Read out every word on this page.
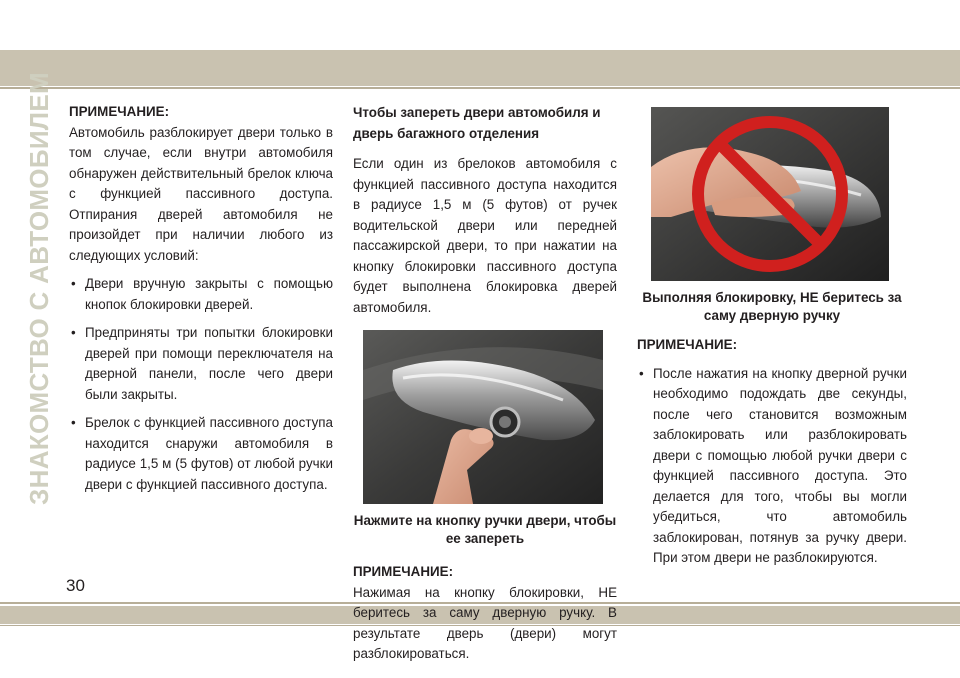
ЗНАКОМСТВО С АВТОМОБИЛЕМ
30

ПРИМЕЧАНИЕ:

Автомобиль разблокирует двери только в том случае, если внутри автомобиля обнаружен действительный брелок ключа с функцией пассивного доступа. Отпирания дверей автомобиля не произойдет при наличии любого из следующих условий:

• Двери вручную закрыты с помощью кнопок блокировки дверей.
• Предприняты три попытки блокировки дверей при помощи переключателя на дверной панели, после чего двери были закрыты.
• Брелок с функцией пассивного доступа находится снаружи автомобиля в радиусе 1,5 м (5 футов) от любой ручки двери с функцией пассивного доступа.

Чтобы запереть двери автомобиля и дверь багажного отделения

Если один из брелоков автомобиля с функцией пассивного доступа находится в радиусе 1,5 м (5 футов) от ручек водительской двери или передней пассажирской двери, то при нажатии на кнопку блокировки пассивного доступа будет выполнена блокировка дверей автомобиля.

Нажмите на кнопку ручки двери, чтобы ее запереть

ПРИМЕЧАНИЕ:

Нажимая на кнопку блокировки, НЕ беритесь за саму дверную ручку. В результате дверь (двери) могут разблокироваться.

Выполняя блокировку, НЕ беритесь за саму дверную ручку

ПРИМЕЧАНИЕ:

• После нажатия на кнопку дверной ручки необходимо подождать две секунды, после чего становится возможным заблокировать или разблокировать двери с помощью любой ручки двери с функцией пассивного доступа. Это делается для того, чтобы вы могли убедиться, что автомобиль заблокирован, потянув за ручку двери. При этом двери не разблокируются.
